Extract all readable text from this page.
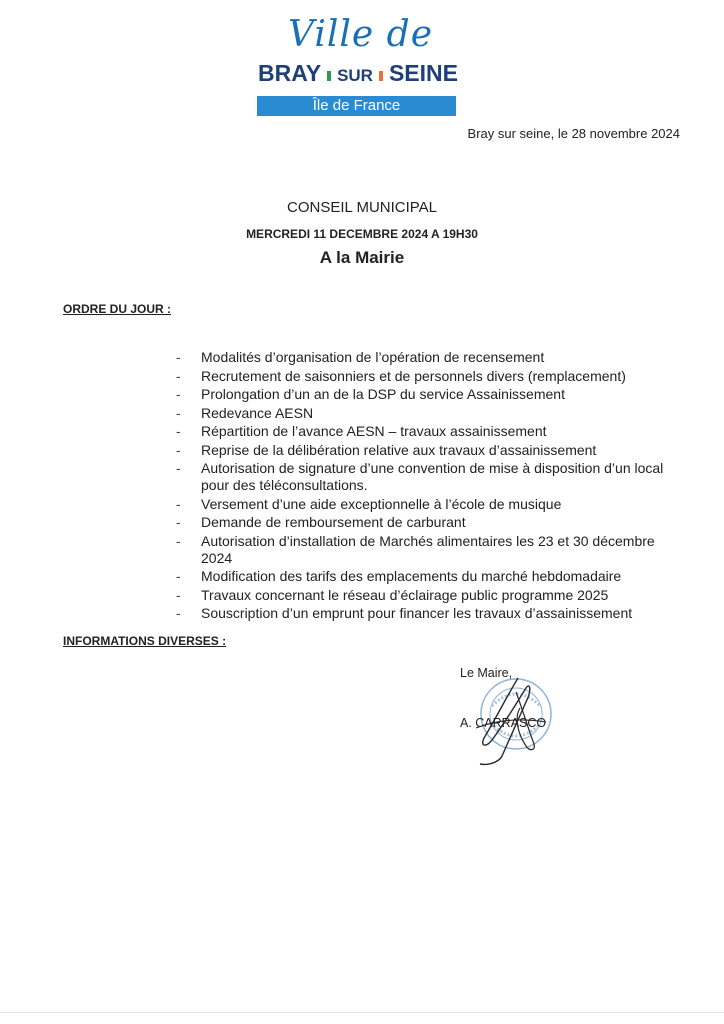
Ville de
BRAY SUR SEINE
Île de France
Bray sur seine, le 28 novembre 2024
CONSEIL MUNICIPAL
MERCREDI 11 DECEMBRE 2024 A 19H30
A la Mairie
ORDRE DU JOUR :
- Modalités d’organisation de l’opération de recensement
- Recrutement de saisonniers et de personnels divers (remplacement)
- Prolongation d’un an de la DSP du service Assainissement
- Redevance AESN
- Répartition de l’avance AESN – travaux assainissement
- Reprise de la délibération relative aux travaux d’assainissement
- Autorisation de signature d’une convention de mise à disposition d’un local pour des téléconsultations.
- Versement d’une aide exceptionnelle à l’école de musique
- Demande de remboursement de carburant
- Autorisation d’installation de Marchés alimentaires les 23 et 30 décembre 2024
- Modification des tarifs des emplacements du marché hebdomadaire
- Travaux concernant le réseau d’éclairage public programme 2025
- Souscription d’un emprunt pour financer les travaux d’assainissement
INFORMATIONS DIVERSES :
Le Maire,
A. CARRASCO
